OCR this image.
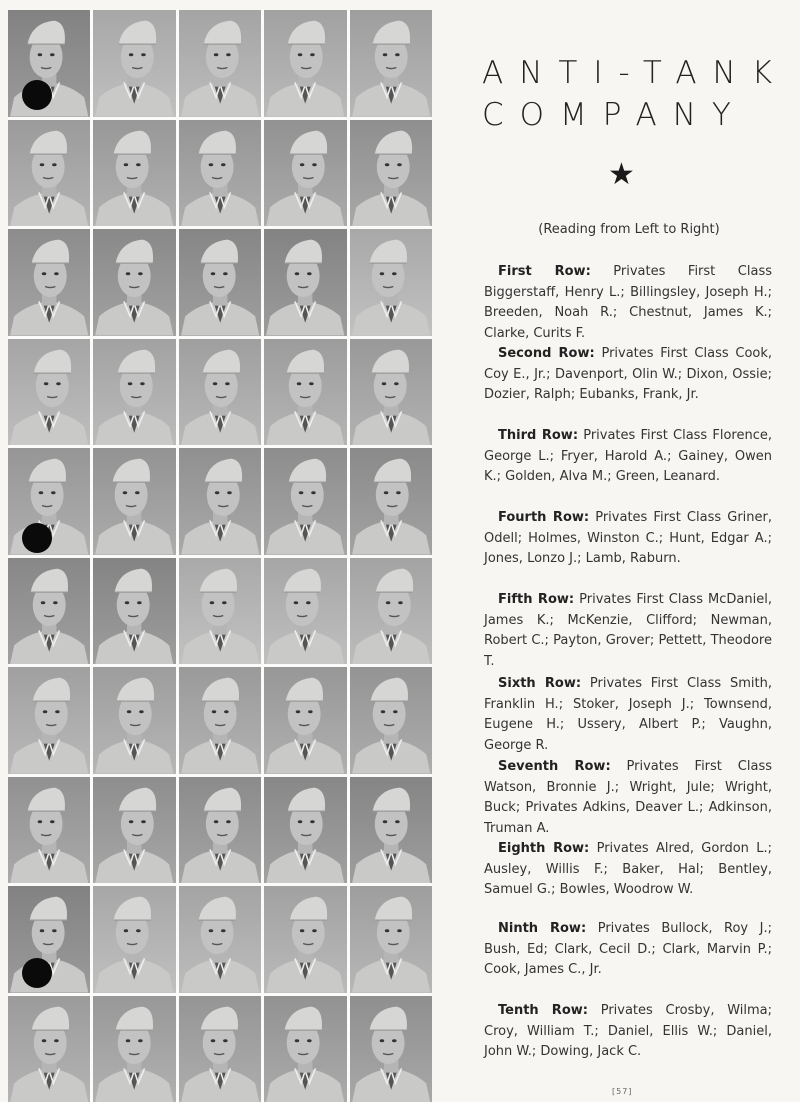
ANTI-TANK
COMPANY
★
(Reading from Left to Right)
First Row: Privates First Class Biggerstaff, Henry L.; Billingsley, Joseph H.; Breeden, Noah R.; Chestnut, James K.; Clarke, Curits F.
Second Row: Privates First Class Cook, Coy E., Jr.; Davenport, Olin W.; Dixon, Ossie; Dozier, Ralph; Eubanks, Frank, Jr.
Third Row: Privates First Class Florence, George L.; Fryer, Harold A.; Gainey, Owen K.; Golden, Alva M.; Green, Leanard.
Fourth Row: Privates First Class Griner, Odell; Holmes, Winston C.; Hunt, Edgar A.; Jones, Lonzo J.; Lamb, Raburn.
Fifth Row: Privates First Class McDaniel, James K.; McKenzie, Clifford; Newman, Robert C.; Payton, Grover; Pettett, Theodore T.
Sixth Row: Privates First Class Smith, Franklin H.; Stoker, Joseph J.; Townsend, Eugene H.; Ussery, Albert P.; Vaughn, George R.
Seventh Row: Privates First Class Watson, Bronnie J.; Wright, Jule; Wright, Buck; Privates Adkins, Deaver L.; Adkinson, Truman A.
Eighth Row: Privates Alred, Gordon L.; Ausley, Willis F.; Baker, Hal; Bentley, Samuel G.; Bowles, Woodrow W.
Ninth Row: Privates Bullock, Roy J.; Bush, Ed; Clark, Cecil D.; Clark, Marvin P.; Cook, James C., Jr.
Tenth Row: Privates Crosby, Wilma; Croy, William T.; Daniel, Ellis W.; Daniel, John W.; Dowing, Jack C.
[57]
